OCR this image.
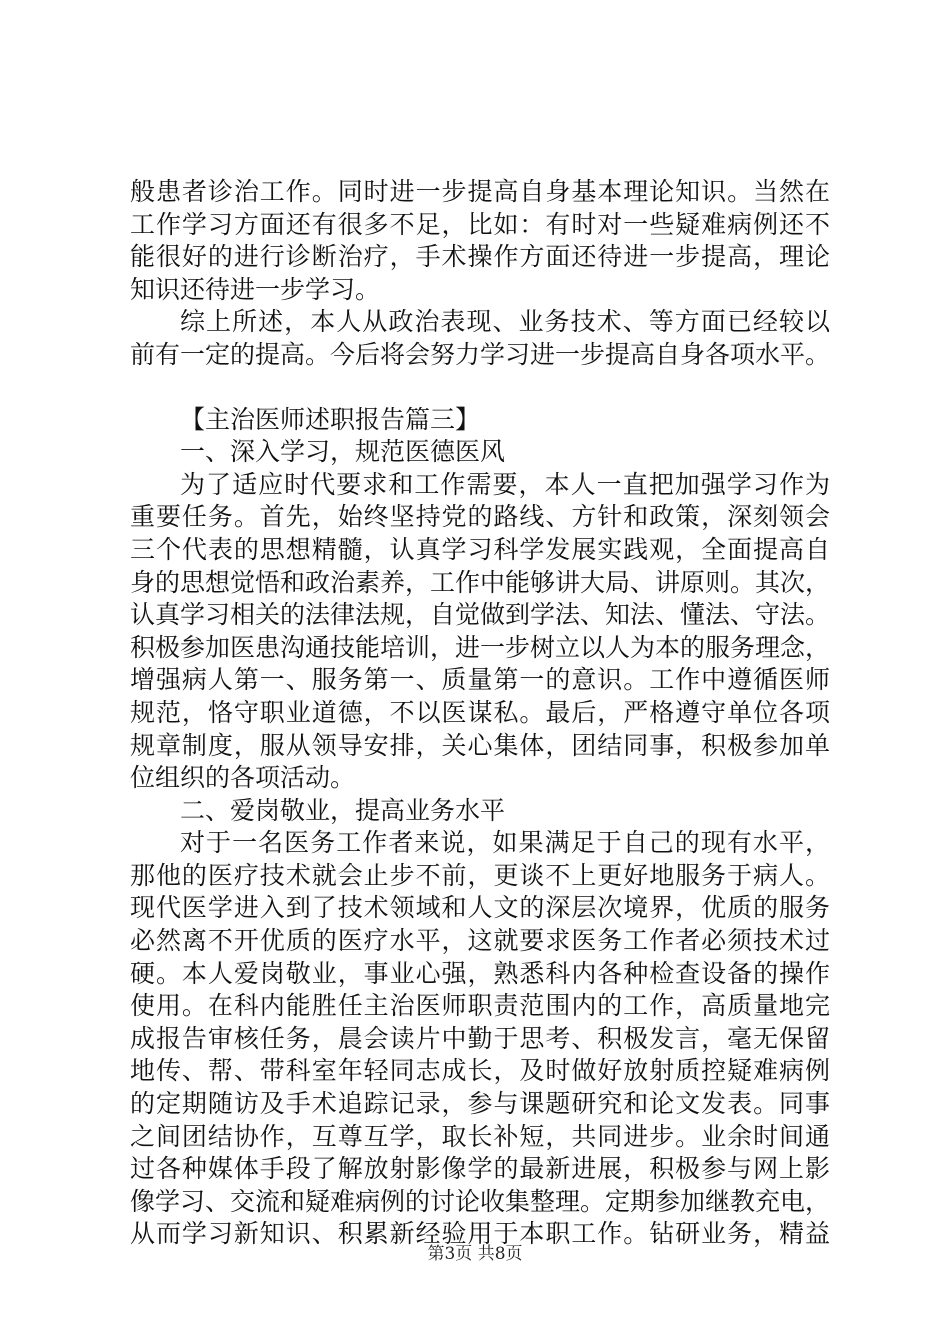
般患者诊治工作。同时进一步提高自身基本理论知识。当然在
工作学习方面还有很多不足，比如：有时对一些疑难病例还不
能很好的进行诊断治疗，手术操作方面还待进一步提高，理论
知识还待进一步学习。
综上所述，本人从政治表现、业务技术、等方面已经较以
前有一定的提高。今后将会努力学习进一步提高自身各项水平。
【主治医师述职报告篇三】
一、深入学习，规范医德医风
为了适应时代要求和工作需要，本人一直把加强学习作为
重要任务。首先，始终坚持党的路线、方针和政策，深刻领会
三个代表的思想精髓，认真学习科学发展实践观，全面提高自
身的思想觉悟和政治素养，工作中能够讲大局、讲原则。其次，
认真学习相关的法律法规，自觉做到学法、知法、懂法、守法。
积极参加医患沟通技能培训，进一步树立以人为本的服务理念，
增强病人第一、服务第一、质量第一的意识。工作中遵循医师
规范，恪守职业道德，不以医谋私。最后，严格遵守单位各项
规章制度，服从领导安排，关心集体，团结同事，积极参加单
位组织的各项活动。
二、爱岗敬业，提高业务水平
对于一名医务工作者来说，如果满足于自己的现有水平，
那他的医疗技术就会止步不前，更谈不上更好地服务于病人。
现代医学进入到了技术领域和人文的深层次境界，优质的服务
必然离不开优质的医疗水平，这就要求医务工作者必须技术过
硬。本人爱岗敬业，事业心强，熟悉科内各种检查设备的操作
使用。在科内能胜任主治医师职责范围内的工作，高质量地完
成报告审核任务，晨会读片中勤于思考、积极发言，毫无保留
地传、帮、带科室年轻同志成长，及时做好放射质控疑难病例
的定期随访及手术追踪记录，参与课题研究和论文发表。同事
之间团结协作，互尊互学，取长补短，共同进步。业余时间通
过各种媒体手段了解放射影像学的最新进展，积极参与网上影
像学习、交流和疑难病例的讨论收集整理。定期参加继教充电，
从而学习新知识、积累新经验用于本职工作。钻研业务，精益
第3页 共8页
